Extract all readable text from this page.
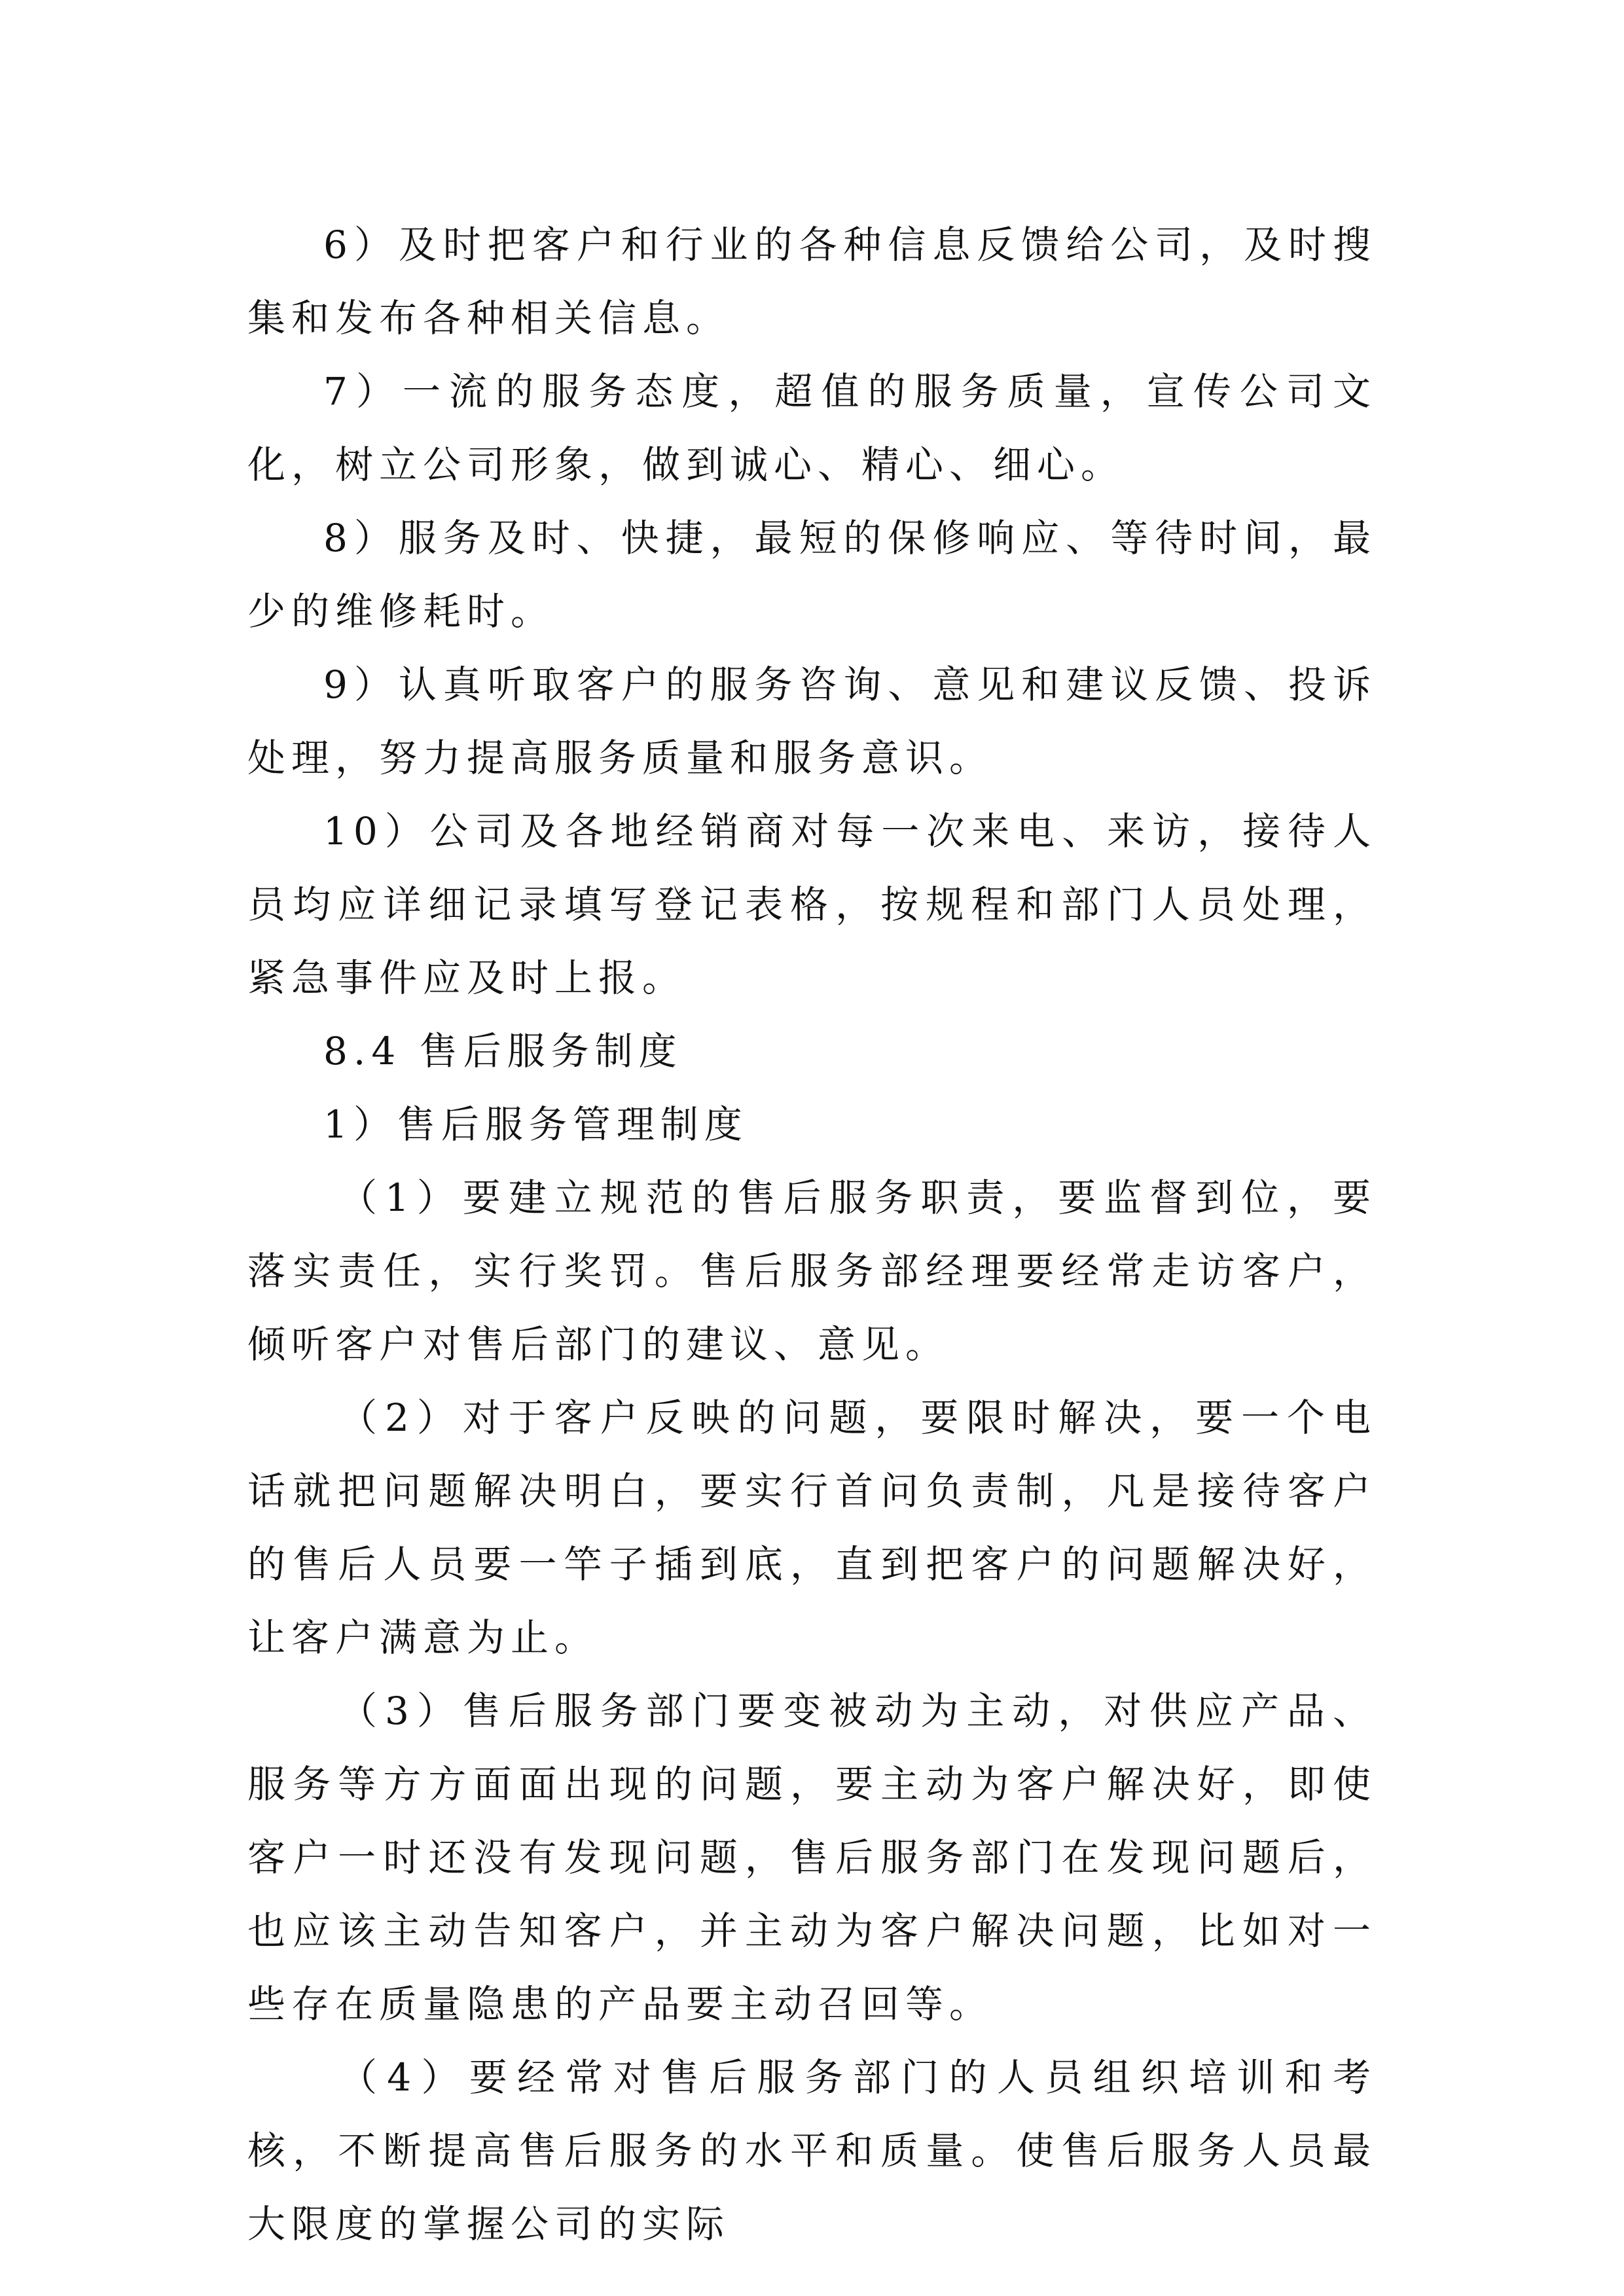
6）及时把客户和行业的各种信息反馈给公司，及时搜集和发布各种相关信息。

7）一流的服务态度，超值的服务质量，宣传公司文化，树立公司形象，做到诚心、精心、细心。

8）服务及时、快捷，最短的保修响应、等待时间，最少的维修耗时。

9）认真听取客户的服务咨询、意见和建议反馈、投诉处理，努力提高服务质量和服务意识。

10）公司及各地经销商对每一次来电、来访，接待人员均应详细记录填写登记表格，按规程和部门人员处理，紧急事件应及时上报。

8.4 售后服务制度

1）售后服务管理制度

（1）要建立规范的售后服务职责，要监督到位，要落实责任，实行奖罚。售后服务部经理要经常走访客户，倾听客户对售后部门的建议、意见。

（2）对于客户反映的问题，要限时解决，要一个电话就把问题解决明白，要实行首问负责制，凡是接待客户的售后人员要一竿子插到底，直到把客户的问题解决好，让客户满意为止。

（3）售后服务部门要变被动为主动，对供应产品、服务等方方面面出现的问题，要主动为客户解决好，即使客户一时还没有发现问题，售后服务部门在发现问题后，也应该主动告知客户，并主动为客户解决问题，比如对一些存在质量隐患的产品要主动召回等。

（4）要经常对售后服务部门的人员组织培训和考核，不断提高售后服务的水平和质量。使售后服务人员最大限度的掌握公司的实际
